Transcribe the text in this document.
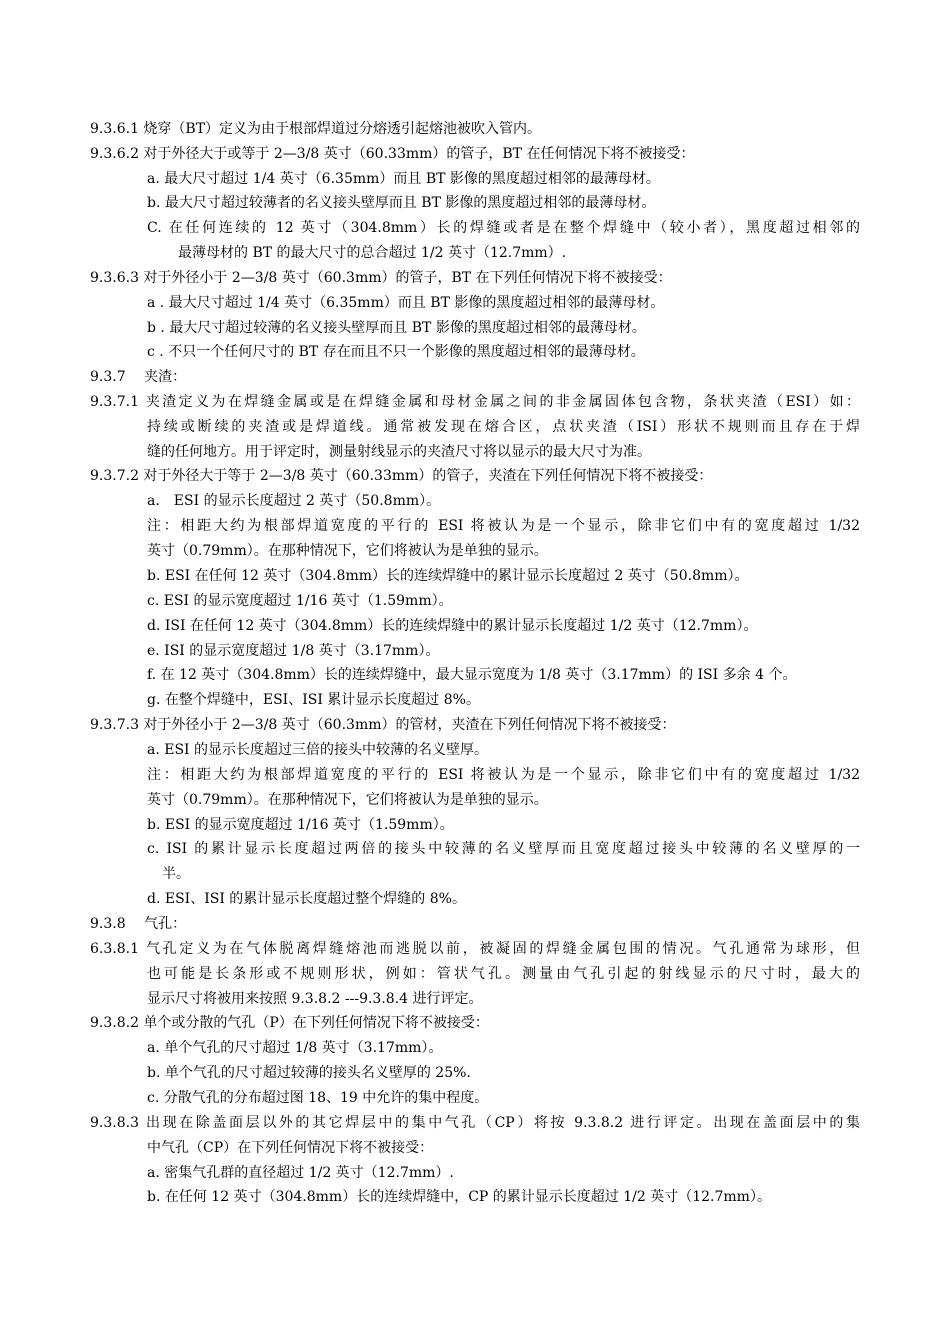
9.3.6.1 烧穿（BT）定义为由于根部焊道过分熔透引起熔池被吹入管内。
9.3.6.2 对于外径大于或等于 2—3/8 英寸（60.33mm）的管子，BT 在任何情况下将不被接受：
a. 最大尺寸超过 1/4 英寸（6.35mm）而且 BT 影像的黑度超过相邻的最薄母材。
b. 最大尺寸超过较薄者的名义接头壁厚而且 BT 影像的黑度超过相邻的最薄母材。
C. 在任何连续的 12 英寸（304.8mm）长的焊缝或者是在整个焊缝中（较小者），黑度超过相邻的
最薄母材的 BT 的最大尺寸的总合超过 1/2 英寸（12.7mm）.
9.3.6.3 对于外径小于 2—3/8 英寸（60.3mm）的管子，BT 在下列任何情况下将不被接受：
a . 最大尺寸超过 1/4 英寸（6.35mm）而且 BT 影像的黑度超过相邻的最薄母材。
b . 最大尺寸超过较薄的名义接头壁厚而且 BT 影像的黑度超过相邻的最薄母材。
c . 不只一个任何尺寸的 BT 存在而且不只一个影像的黑度超过相邻的最薄母材。
9.3.7　 夹渣：
9.3.7.1 夹渣定义为在焊缝金属或是在焊缝金属和母材金属之间的非金属固体包含物，条状夹渣（ESI）如：
持续或断续的夹渣或是焊道线。通常被发现在熔合区，点状夹渣（ISI）形状不规则而且存在于焊
缝的任何地方。用于评定时，测量射线显示的夹渣尺寸将以显示的最大尺寸为准。
9.3.7.2 对于外径大于等于 2—3/8 英寸（60.33mm）的管子，夹渣在下列任何情况下将不被接受：
a.　ESI 的显示长度超过 2 英寸（50.8mm）。
注：相距大约为根部焊道宽度的平行的 ESI 将被认为是一个显示，除非它们中有的宽度超过 1/32
英寸（0.79mm）。在那种情况下，它们将被认为是单独的显示。
b. ESI 在任何 12 英寸（304.8mm）长的连续焊缝中的累计显示长度超过 2 英寸（50.8mm）。
c. ESI 的显示宽度超过 1/16 英寸（1.59mm）。
d. ISI 在任何 12 英寸（304.8mm）长的连续焊缝中的累计显示长度超过 1/2 英寸（12.7mm）。
e. ISI 的显示宽度超过 1/8 英寸（3.17mm）。
f. 在 12 英寸（304.8mm）长的连续焊缝中，最大显示宽度为 1/8 英寸（3.17mm）的 ISI 多余 4 个。
g. 在整个焊缝中，ESI、ISI 累计显示长度超过 8%。
9.3.7.3 对于外径小于 2—3/8 英寸（60.3mm）的管材，夹渣在下列任何情况下将不被接受：
a. ESI 的显示长度超过三倍的接头中较薄的名义壁厚。
注：相距大约为根部焊道宽度的平行的 ESI 将被认为是一个显示，除非它们中有的宽度超过 1/32
英寸（0.79mm）。在那种情况下，它们将被认为是单独的显示。
b. ESI 的显示宽度超过 1/16 英寸（1.59mm）。
c. ISI 的累计显示长度超过两倍的接头中较薄的名义壁厚而且宽度超过接头中较薄的名义壁厚的一
半。
d. ESI、ISI 的累计显示长度超过整个焊缝的 8%。
9.3.8　 气孔：
6.3.8.1 气孔定义为在气体脱离焊缝熔池而逃脱以前，被凝固的焊缝金属包围的情况。气孔通常为球形，但
也可能是长条形或不规则形状，例如：管状气孔。测量由气孔引起的射线显示的尺寸时，最大的
显示尺寸将被用来按照 9.3.8.2 ---9.3.8.4 进行评定。
9.3.8.2 单个或分散的气孔（P）在下列任何情况下将不被接受：
a. 单个气孔的尺寸超过 1/8 英寸（3.17mm）。
b. 单个气孔的尺寸超过较薄的接头名义壁厚的 25%.
c. 分散气孔的分布超过图 18、19 中允许的集中程度。
9.3.8.3 出现在除盖面层以外的其它焊层中的集中气孔（CP）将按 9.3.8.2 进行评定。出现在盖面层中的集
中气孔（CP）在下列任何情况下将不被接受：
a. 密集气孔群的直径超过 1/2 英寸（12.7mm）.
b. 在任何 12 英寸（304.8mm）长的连续焊缝中，CP 的累计显示长度超过 1/2 英寸（12.7mm）。
